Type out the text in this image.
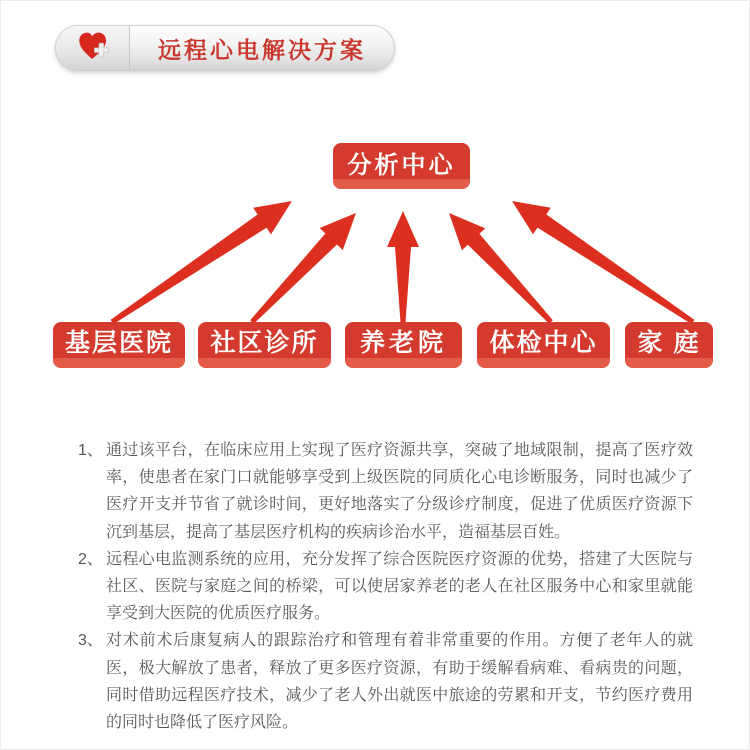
远程心电解决方案
分析中心
基层医院	社区诊所	养老院	体检中心	家 庭
1、 通过该平台，在临床应用上实现了医疗资源共享，突破了地域限制，提高了医疗效率，使患者在家门口就能够享受到上级医院的同质化心电诊断服务，同时也减少了医疗开支并节省了就诊时间，更好地落实了分级诊疗制度，促进了优质医疗资源下沉到基层，提高了基层医疗机构的疾病诊治水平，造福基层百姓。

2、 远程心电监测系统的应用，充分发挥了综合医院医疗资源的优势，搭建了大医院与社区、医院与家庭之间的桥梁，可以使居家养老的老人在社区服务中心和家里就能享受到大医院的优质医疗服务。

3、 对术前术后康复病人的跟踪治疗和管理有着非常重要的作用。方便了老年人的就医，极大解放了患者，释放了更多医疗资源，有助于缓解看病难、看病贵的问题，同时借助远程医疗技术，减少了老人外出就医中旅途的劳累和开支，节约医疗费用的同时也降低了医疗风险。
